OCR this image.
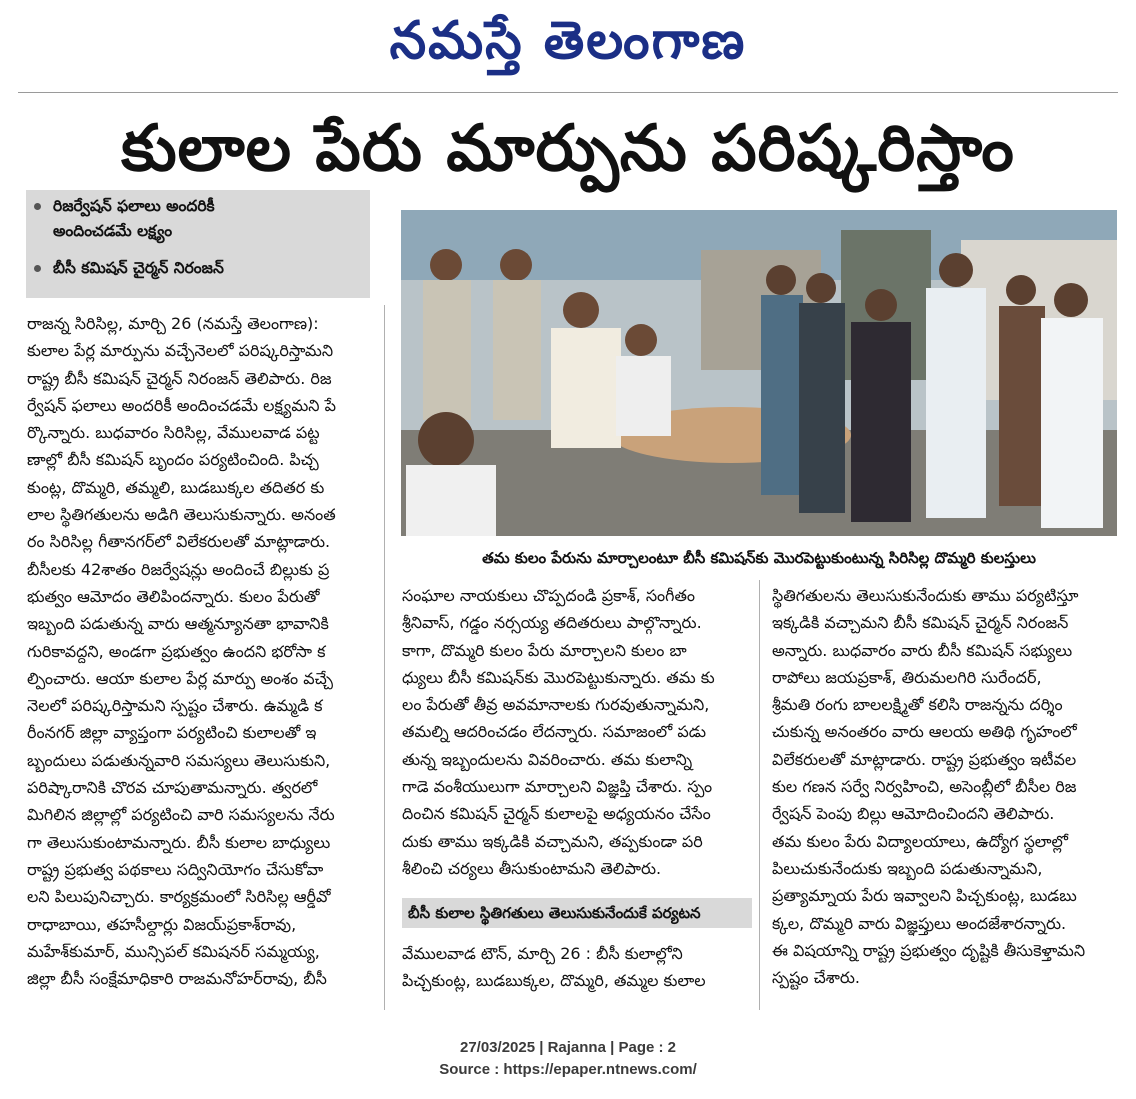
నమస్తే తెలంగాణ
కులాల పేరు మార్పును పరిష్కరిస్తాం
రిజర్వేషన్ ఫలాలు అందరికీ
అందించడమే లక్ష్యం
బీసీ కమిషన్ చైర్మన్ నిరంజన్

రాజన్న సిరిసిల్ల, మార్చి 26 (నమస్తే తెలంగాణ):

కులాల పేర్ల మార్పును వచ్చేనెలలో పరిష్కరిస్తామని

రాష్ట్ర బీసీ కమిషన్ చైర్మన్ నిరంజన్ తెలిపారు. రిజ

ర్వేషన్ ఫలాలు అందరికీ అందించడమే లక్ష్యమని పే

ర్కొన్నారు. బుధవారం సిరిసిల్ల, వేములవాడ పట్ట

ణాల్లో బీసీ కమిషన్ బృందం పర్యటించింది. పిచ్చ

కుంట్ల, దొమ్మరి, తమ్మలి, బుడబుక్కల తదితర కు

లాల స్థితిగతులను అడిగి తెలుసుకున్నారు. అనంత

రం సిరిసిల్ల గీతానగర్‌లో విలేకరులతో మాట్లాడారు.

బీసీలకు 42శాతం రిజర్వేషన్లు అందించే బిల్లుకు ప్ర

భుత్వం ఆమోదం తెలిపిందన్నారు. కులం పేరుతో

ఇబ్బంది పడుతున్న వారు ఆత్మన్యూనతా భావానికి

గురికావద్దని, అండగా ప్రభుత్వం ఉందని భరోసా క

ల్పించారు. ఆయా కులాల పేర్ల మార్పు అంశం వచ్చే

నెలలో పరిష్కరిస్తామని స్పష్టం చేశారు. ఉమ్మడి క

రీంనగర్ జిల్లా వ్యాప్తంగా పర్యటించి కులాలతో ఇ

బ్బందులు పడుతున్నవారి సమస్యలు తెలుసుకుని,

పరిష్కారానికి చొరవ చూపుతామన్నారు. త్వరలో

మిగిలిన జిల్లాల్లో పర్యటించి వారి సమస్యలను నేరు

గా తెలుసుకుంటామన్నారు. బీసీ కులాల బాధ్యులు

రాష్ట్ర ప్రభుత్వ పథకాలు సద్వినియోగం చేసుకోవా

లని పిలుపునిచ్చారు. కార్యక్రమంలో సిరిసిల్ల ఆర్డీవో

రాధాబాయి, తహసీల్దార్లు విజయ్‌ప్రకాశ్‌రావు,

మహేశ్‌కుమార్, మున్సిపల్ కమిషనర్ సమ్మయ్య,

జిల్లా బీసీ సంక్షేమాధికారి రాజమనోహర్‌రావు, బీసీ

తమ కులం పేరును మార్చాలంటూ బీసీ కమిషన్‌కు మొరపెట్టుకుంటున్న సిరిసిల్ల దొమ్మరి కులస్తులు

సంఘాల నాయకులు చొప్పదండి ప్రకాశ్, సంగీతం

శ్రీనివాస్, గడ్డం నర్సయ్య తదితరులు పాల్గొన్నారు.

కాగా, దొమ్మరి కులం పేరు మార్చాలని కులం బా

ధ్యులు బీసీ కమిషన్‌కు మొరపెట్టుకున్నారు. తమ కు

లం పేరుతో తీవ్ర అవమానాలకు గురవుతున్నామని,

తమల్ని ఆదరించడం లేదన్నారు. సమాజంలో పడు

తున్న ఇబ్బందులను వివరించారు. తమ కులాన్ని

గాడె వంశీయులుగా మార్చాలని విజ్ఞప్తి చేశారు. స్పం

దించిన కమిషన్ చైర్మన్ కులాలపై అధ్యయనం చేసేం

దుకు తాము ఇక్కడికి వచ్చామని, తప్పకుండా పరి

శీలించి చర్యలు తీసుకుంటామని తెలిపారు.

బీసీ కులాల స్థితిగతులు తెలుసుకునేందుకే పర్యటన

వేములవాడ టౌన్, మార్చి 26 : బీసీ కులాల్లోని

పిచ్చకుంట్ల, బుడబుక్కల, దొమ్మరి, తమ్మల కులాల

స్థితిగతులను తెలుసుకునేందుకు తాము పర్యటిస్తూ

ఇక్కడికి వచ్చామని బీసీ కమిషన్ చైర్మన్ నిరంజన్

అన్నారు. బుధవారం వారు బీసీ కమిషన్ సభ్యులు

రాపోలు జయప్రకాశ్, తిరుమలగిరి సురేందర్,

శ్రీమతి రంగు బాలలక్ష్మితో కలిసి రాజన్నను దర్శిం

చుకున్న అనంతరం వారు ఆలయ అతిథి గృహంలో

విలేకరులతో మాట్లాడారు. రాష్ట్ర ప్రభుత్వం ఇటీవల

కుల గణన సర్వే నిర్వహించి, అసెంబ్లీలో బీసీల రిజ

ర్వేషన్ పెంపు బిల్లు ఆమోదించిందని తెలిపారు.

తమ కులం పేరు విద్యాలయాలు, ఉద్యోగ స్థలాల్లో

పిలుచుకునేందుకు ఇబ్బంది పడుతున్నామని,

ప్రత్యామ్నాయ పేరు ఇవ్వాలని పిచ్చకుంట్ల, బుడబు

క్కల, దొమ్మరి వారు విజ్ఞప్తులు అందజేశారన్నారు.

ఈ విషయాన్ని రాష్ట్ర ప్రభుత్వం దృష్టికి తీసుకెళ్తామని

స్పష్టం చేశారు.

27/03/2025 | Rajanna | Page : 2
Source : https://epaper.ntnews.com/
